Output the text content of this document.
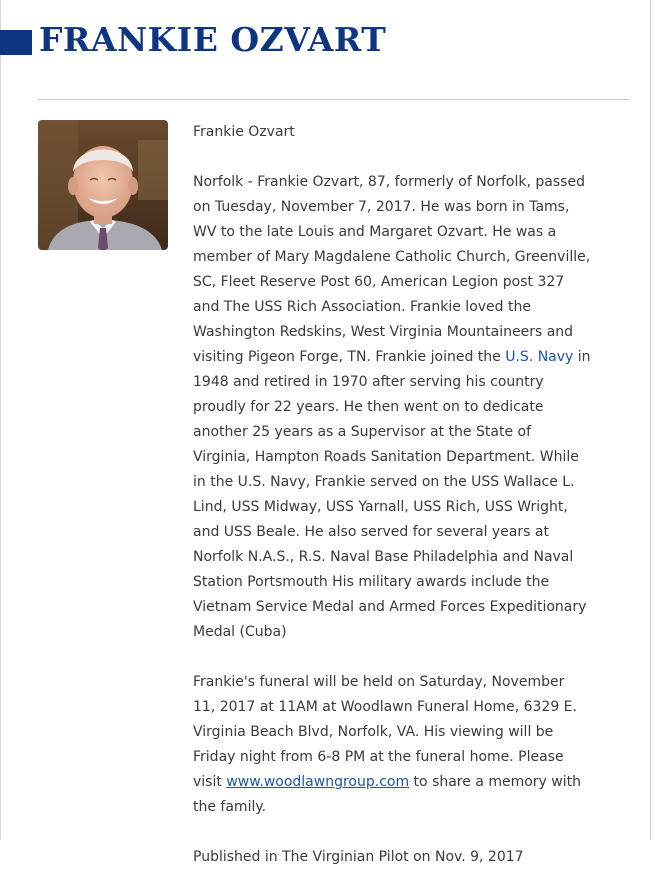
FRANKIE OZVART

Frankie Ozvart

Norfolk - Frankie Ozvart, 87, formerly of Norfolk, passed on Tuesday, November 7, 2017. He was born in Tams, WV to the late Louis and Margaret Ozvart. He was a member of Mary Magdalene Catholic Church, Greenville, SC, Fleet Reserve Post 60, American Legion post 327 and The USS Rich Association. Frankie loved the Washington Redskins, West Virginia Mountaineers and visiting Pigeon Forge, TN. Frankie joined the U.S. Navy in 1948 and retired in 1970 after serving his country proudly for 22 years. He then went on to dedicate another 25 years as a Supervisor at the State of Virginia, Hampton Roads Sanitation Department. While in the U.S. Navy, Frankie served on the USS Wallace L. Lind, USS Midway, USS Yarnall, USS Rich, USS Wright, and USS Beale. He also served for several years at Norfolk N.A.S., R.S. Naval Base Philadelphia and Naval Station Portsmouth His military awards include the Vietnam Service Medal and Armed Forces Expeditionary Medal (Cuba)

Frankie's funeral will be held on Saturday, November 11, 2017 at 11AM at Woodlawn Funeral Home, 6329 E. Virginia Beach Blvd, Norfolk, VA. His viewing will be Friday night from 6-8 PM at the funeral home. Please visit www.woodlawngroup.com to share a memory with the family.

Published in The Virginian Pilot on Nov. 9, 2017
